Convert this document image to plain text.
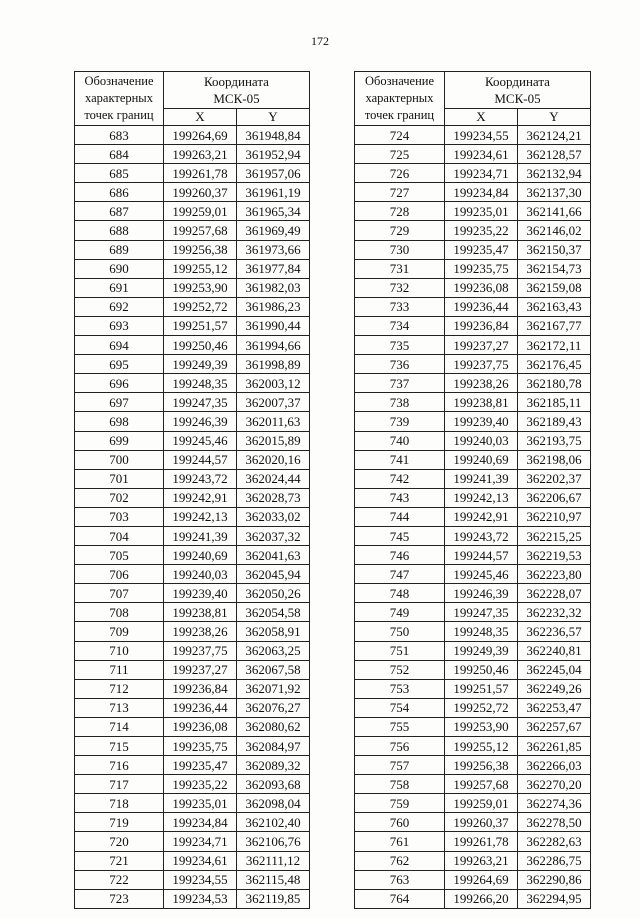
172
Обозначение
характерных
точек границ	Координата
МСК-05	
	X	Y
683	199264,69	361948,84
684	199263,21	361952,94
685	199261,78	361957,06
686	199260,37	361961,19
687	199259,01	361965,34
688	199257,68	361969,49
689	199256,38	361973,66
690	199255,12	361977,84
691	199253,90	361982,03
692	199252,72	361986,23
693	199251,57	361990,44
694	199250,46	361994,66
695	199249,39	361998,89
696	199248,35	362003,12
697	199247,35	362007,37
698	199246,39	362011,63
699	199245,46	362015,89
700	199244,57	362020,16
701	199243,72	362024,44
702	199242,91	362028,73
703	199242,13	362033,02
704	199241,39	362037,32
705	199240,69	362041,63
706	199240,03	362045,94
707	199239,40	362050,26
708	199238,81	362054,58
709	199238,26	362058,91
710	199237,75	362063,25
711	199237,27	362067,58
712	199236,84	362071,92
713	199236,44	362076,27
714	199236,08	362080,62
715	199235,75	362084,97
716	199235,47	362089,32
717	199235,22	362093,68
718	199235,01	362098,04
719	199234,84	362102,40
720	199234,71	362106,76
721	199234,61	362111,12
722	199234,55	362115,48
723	199234,53	362119,85
Обозначение
характерных
точек границ	Координата
МСК-05	
	X	Y
724	199234,55	362124,21
725	199234,61	362128,57
726	199234,71	362132,94
727	199234,84	362137,30
728	199235,01	362141,66
729	199235,22	362146,02
730	199235,47	362150,37
731	199235,75	362154,73
732	199236,08	362159,08
733	199236,44	362163,43
734	199236,84	362167,77
735	199237,27	362172,11
736	199237,75	362176,45
737	199238,26	362180,78
738	199238,81	362185,11
739	199239,40	362189,43
740	199240,03	362193,75
741	199240,69	362198,06
742	199241,39	362202,37
743	199242,13	362206,67
744	199242,91	362210,97
745	199243,72	362215,25
746	199244,57	362219,53
747	199245,46	362223,80
748	199246,39	362228,07
749	199247,35	362232,32
750	199248,35	362236,57
751	199249,39	362240,81
752	199250,46	362245,04
753	199251,57	362249,26
754	199252,72	362253,47
755	199253,90	362257,67
756	199255,12	362261,85
757	199256,38	362266,03
758	199257,68	362270,20
759	199259,01	362274,36
760	199260,37	362278,50
761	199261,78	362282,63
762	199263,21	362286,75
763	199264,69	362290,86
764	199266,20	362294,95
